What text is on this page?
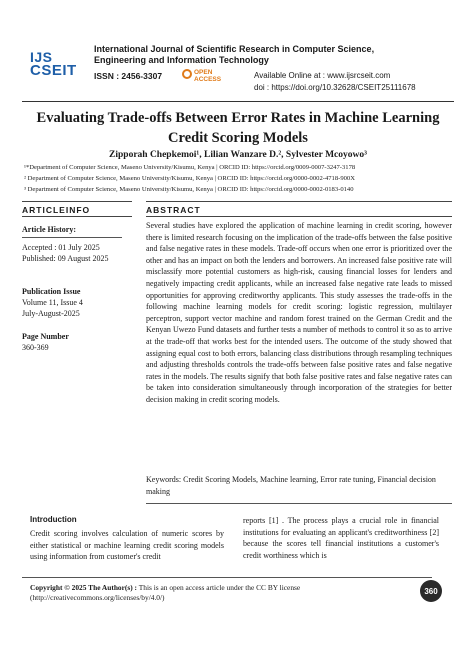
IJS
CSEIT
International Journal of Scientific Research in Computer Science, Engineering and Information Technology
ISSN : 2456-3307	OPEN ACCESS	Available Online at : www.ijsrcseit.com
doi : https://doi.org/10.32628/CSEIT25111678
Evaluating Trade-offs Between Error Rates in Machine Learning Credit Scoring Models
Zipporah Chepkemoi¹, Lilian Wanzare D.², Sylvester Mcoyowo³
¹*Department of Computer Science, Maseno University/Kisumu, Kenya | ORCID ID: https://orcid.org/0009-0007-3247-3178
² Department of Computer Science, Maseno University/Kisumu, Kenya | ORCID ID: https://orcid.org/0000-0002-4718-900X
³ Department of Computer Science, Maseno University/Kisumu, Kenya | ORCID ID: https://orcid.org/0000-0002-0183-0140
ARTICLEINFO	ABSTRACT
Article History:
Accepted : 01 July 2025
Published: 09 August 2025
Publication Issue
Volume 11, Issue 4
July-August-2025
Page Number
360-369
Several studies have explored the application of machine learning in credit scoring, however there is limited research focusing on the implication of the trade-offs between the false positive and false negative rates in these models. Trade-off occurs when one error is prioritized over the other and has an impact on both the lenders and borrowers. An increased false positive rate will misclassify more potential customers as high-risk, causing financial losses for lenders and negatively impacting credit applicants, while an increased false negative rate leads to missed opportunities for approving creditworthy applicants. This study assesses the trade-offs in the following machine learning models for credit scoring: logistic regression, multilayer perceptron, support vector machine and random forest trained on the German Credit and the Kenyan Uwezo Fund datasets and further tests a number of methods to control it so as to arrive at the trade-off that works best for the intended users. The outcome of the study showed that assigning equal cost to both errors, balancing class distributions through resampling techniques and adjusting thresholds controls the trade-offs between false positive rates and false negative rates in the models. The results signify that both false positive rates and false negative rates can be taken into consideration simultaneously through incorporation of the strategies for better decision making in credit scoring models.
Keywords: Credit Scoring Models, Machine learning, Error rate tuning, Financial decision making
Introduction
Credit scoring involves calculation of numeric scores by either statistical or machine learning credit scoring models using information from customer's credit
reports [1] . The process plays a crucial role in financial institutions for evaluating an applicant's creditworthiness [2] because the scores tell financial institutions a customer's credit worthiness which is
Copyright © 2025 The Author(s) : This is an open access article under the CC BY license (http://creativecommons.org/licenses/by/4.0/)
360
